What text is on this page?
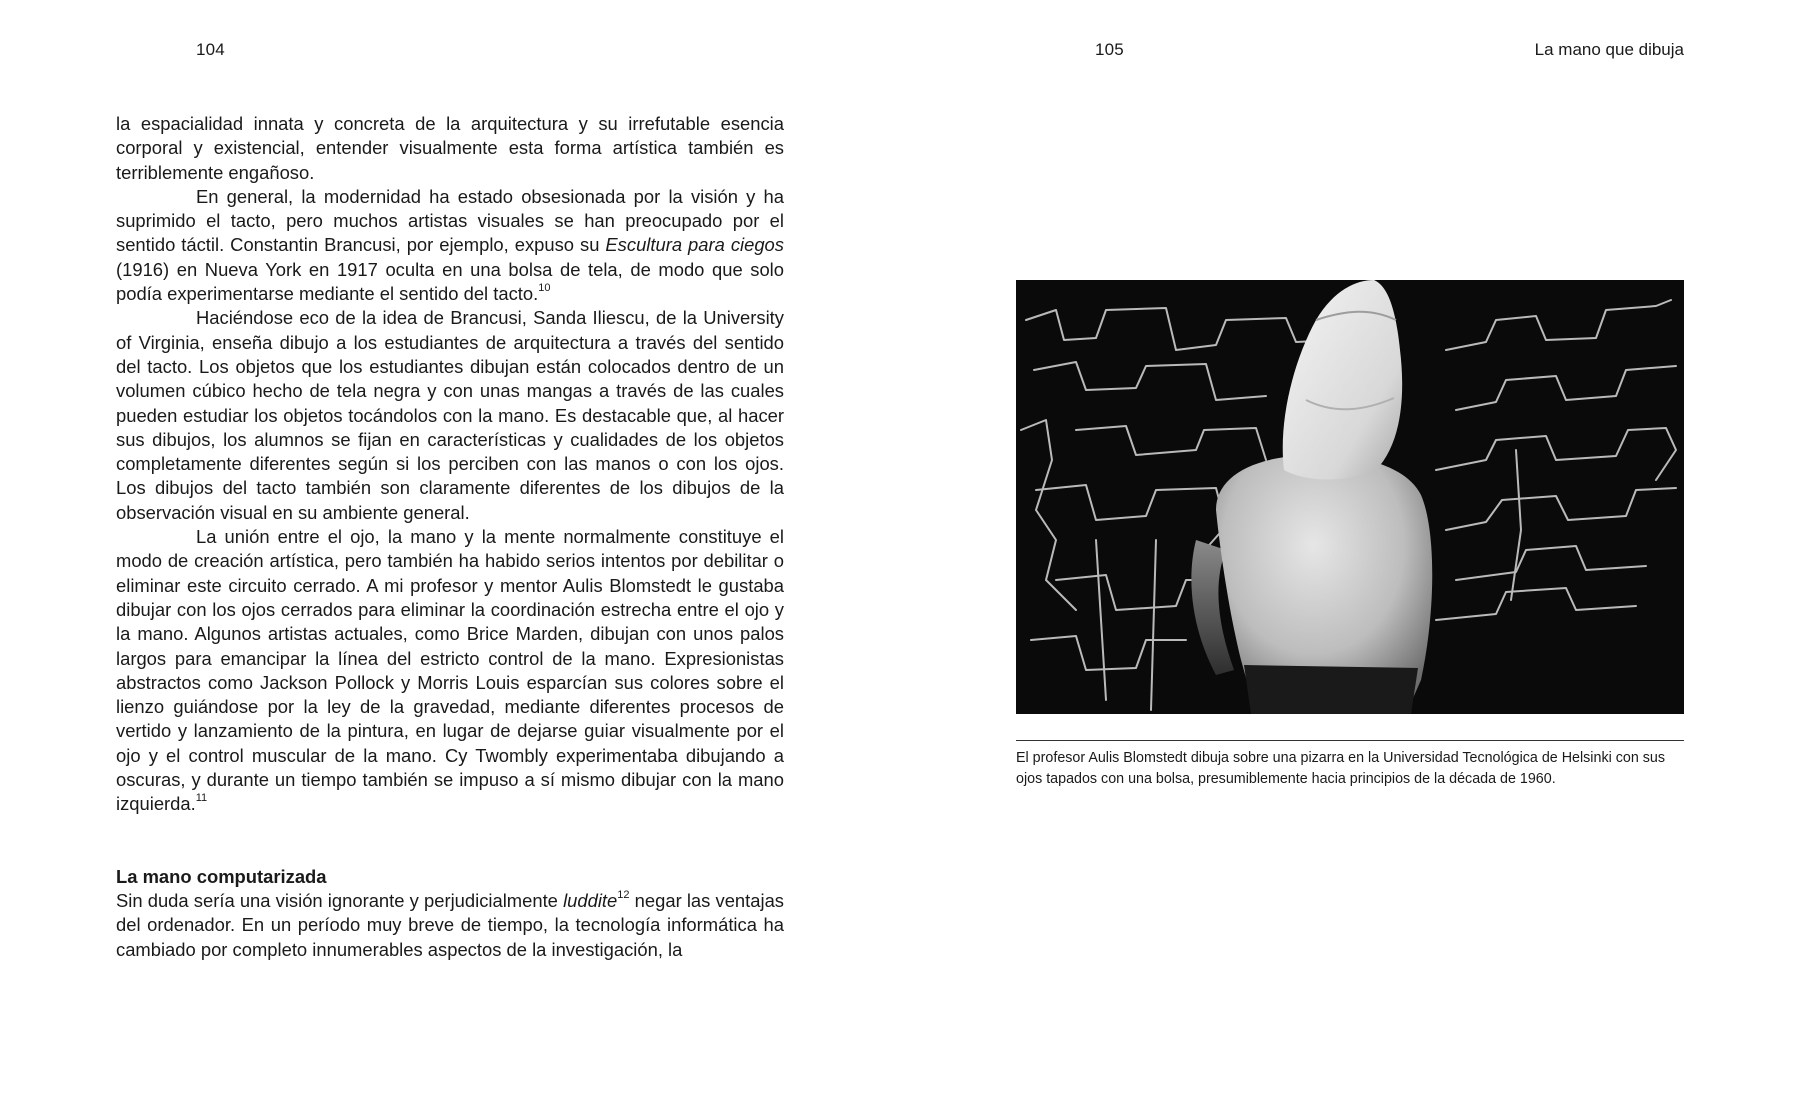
104

la espacialidad innata y concreta de la arquitectura y su irrefutable esencia corporal y existencial, entender visualmente esta forma artística también es terriblemente engañoso.

En general, la modernidad ha estado obsesionada por la visión y ha suprimido el tacto, pero muchos artistas visuales se han preocupado por el sentido táctil. Constantin Brancusi, por ejemplo, expuso su Escultura para ciegos (1916) en Nueva York en 1917 oculta en una bolsa de tela, de modo que solo podía experimentarse mediante el sentido del tacto.$^{10}$

Haciéndose eco de la idea de Brancusi, Sanda Iliescu, de la University of Virginia, enseña dibujo a los estudiantes de arquitectura a través del sentido del tacto. Los objetos que los estudiantes dibujan están colocados dentro de un volumen cúbico hecho de tela negra y con unas mangas a través de las cuales pueden estudiar los objetos tocándolos con la mano. Es destacable que, al hacer sus dibujos, los alumnos se fijan en características y cualidades de los objetos completamente diferentes según si los perciben con las manos o con los ojos. Los dibujos del tacto también son claramente diferentes de los dibujos de la observación visual en su ambiente general.

La unión entre el ojo, la mano y la mente normalmente constituye el modo de creación artística, pero también ha habido serios intentos por debilitar o eliminar este circuito cerrado. A mi profesor y mentor Aulis Blomstedt le gustaba dibujar con los ojos cerrados para eliminar la coordinación estrecha entre el ojo y la mano. Algunos artistas actuales, como Brice Marden, dibujan con unos palos largos para emancipar la línea del estricto control de la mano. Expresionistas abstractos como Jackson Pollock y Morris Louis esparcían sus colores sobre el lienzo guiándose por la ley de la gravedad, mediante diferentes procesos de vertido y lanzamiento de la pintura, en lugar de dejarse guiar visualmente por el ojo y el control muscular de la mano. Cy Twombly experimentaba dibujando a oscuras, y durante un tiempo también se impuso a sí mismo dibujar con la mano izquierda.$^{11}$

La mano computarizada

Sin duda sería una visión ignorante y perjudicialmente luddite$^{12}$ negar las ventajas del ordenador. En un período muy breve de tiempo, la tecnología informática ha cambiado por completo innumerables aspectos de la investigación, la

105	La mano que dibuja
El profesor Aulis Blomstedt dibuja sobre una pizarra en la Universidad Tecnológica de Helsinki con sus ojos tapados con una bolsa, presumiblemente hacia principios de la década de 1960.
